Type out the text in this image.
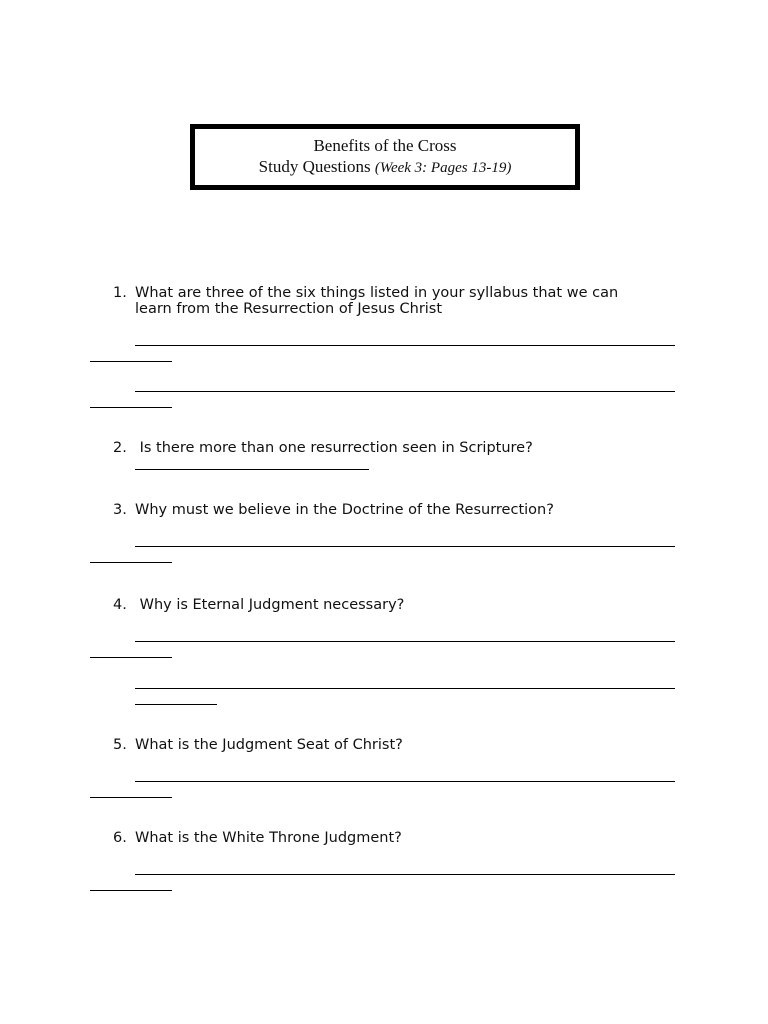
Benefits of the Cross
Study Questions (Week 3: Pages 13-19)
1. What are three of the six things listed in your syllabus that we can learn from the Resurrection of Jesus Christ
2. Is there more than one resurrection seen in Scripture?
3. Why must we believe in the Doctrine of the Resurrection?
4. Why is Eternal Judgment necessary?
5. What is the Judgment Seat of Christ?
6. What is the White Throne Judgment?
